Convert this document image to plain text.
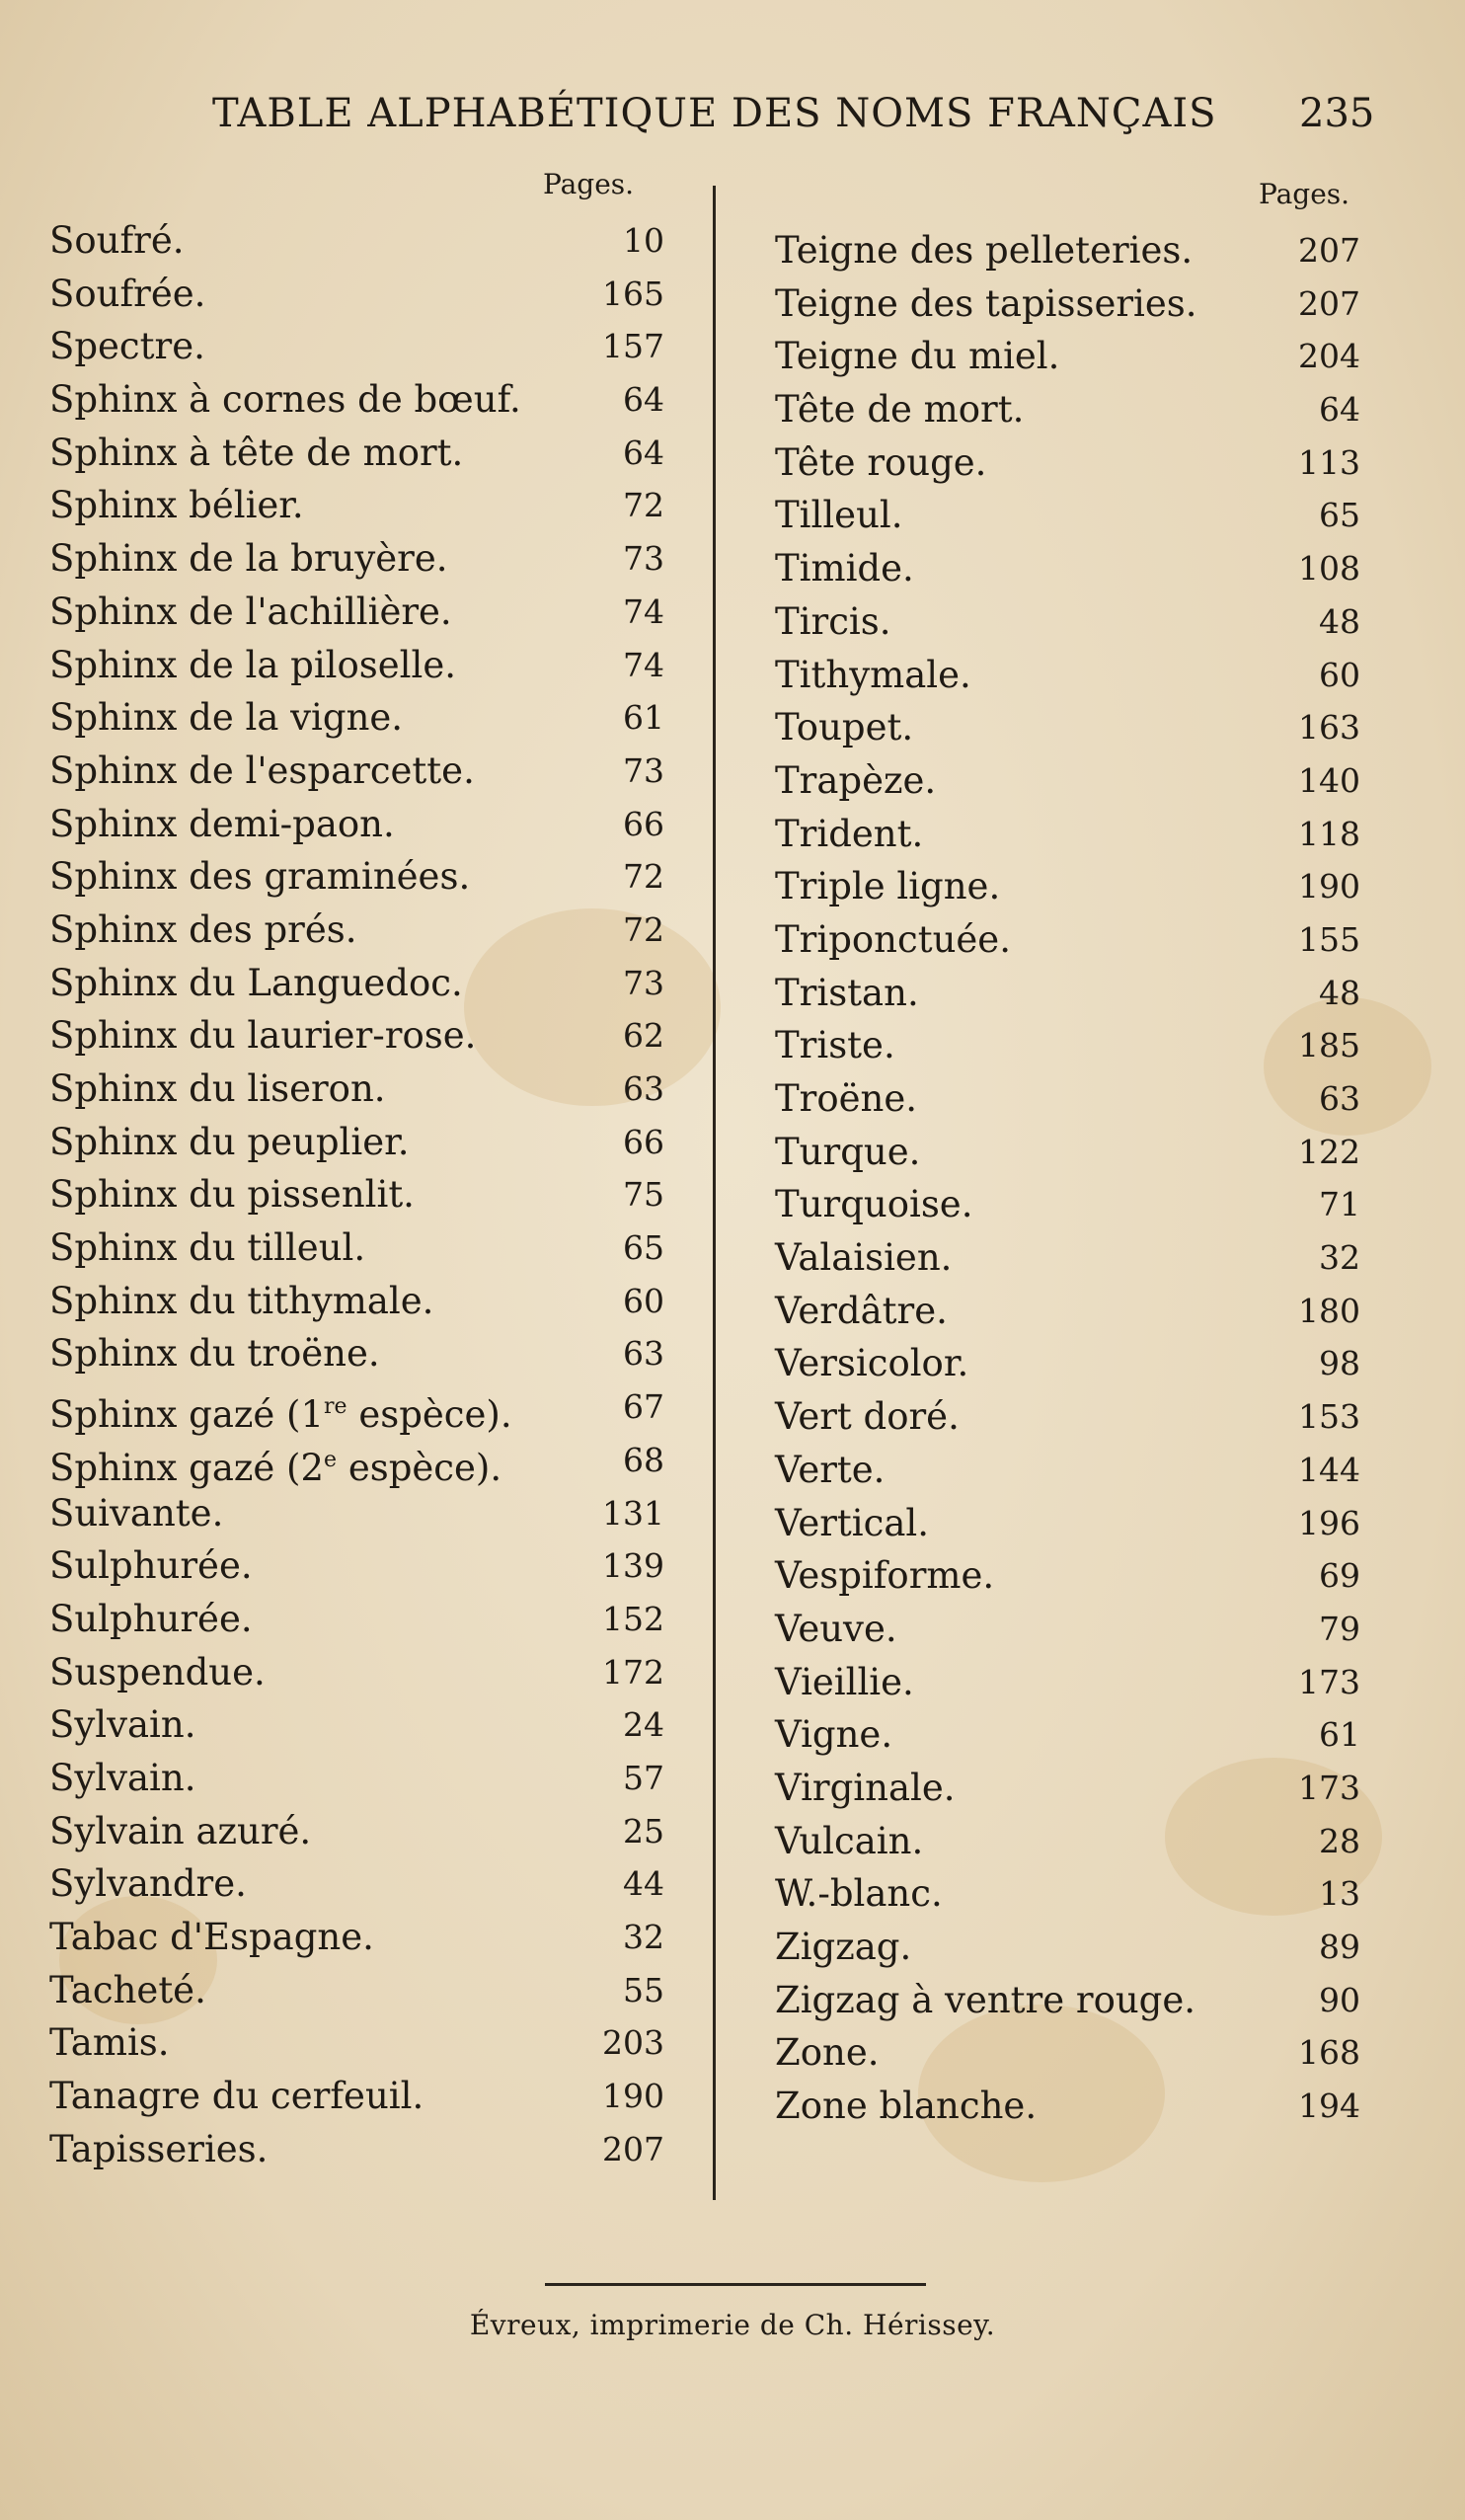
TABLE ALPHABÉTIQUE DES NOMS FRANÇAIS 235
Pages.
Soufré.	10
Soufrée.	165
Spectre.	157
Sphinx à cornes de bœuf.	64
Sphinx à tête de mort.	64
Sphinx bélier.	72
Sphinx de la bruyère.	73
Sphinx de l'achillière.	74
Sphinx de la piloselle.	74
Sphinx de la vigne.	61
Sphinx de l'esparcette.	73
Sphinx demi-paon.	66
Sphinx des graminées.	72
Sphinx des prés.	72
Sphinx du Languedoc.	73
Sphinx du laurier-rose.	62
Sphinx du liseron.	63
Sphinx du peuplier.	66
Sphinx du pissenlit.	75
Sphinx du tilleul.	65
Sphinx du tithymale.	60
Sphinx du troëne.	63
Sphinx gazé (1re espèce).	67
Sphinx gazé (2e espèce).	68
Suivante.	131
Sulphurée.	139
Sulphurée.	152
Suspendue.	172
Sylvain.	24
Sylvain.	57
Sylvain azuré.	25
Sylvandre.	44
Tabac d'Espagne.	32
Tacheté.	55
Tamis.	203
Tanagre du cerfeuil.	190
Tapisseries.	207
Pages.
Teigne des pelleteries.	207
Teigne des tapisseries.	207
Teigne du miel.	204
Tête de mort.	64
Tête rouge.	113
Tilleul.	65
Timide.	108
Tircis.	48
Tithymale.	60
Toupet.	163
Trapèze.	140
Trident.	118
Triple ligne.	190
Triponctuée.	155
Tristan.	48
Triste.	185
Troëne.	63
Turque.	122
Turquoise.	71
Valaisien.	32
Verdâtre.	180
Versicolor.	98
Vert doré.	153
Verte.	144
Vertical.	196
Vespiforme.	69
Veuve.	79
Vieillie.	173
Vigne.	61
Virginale.	173
Vulcain.	28
W.-blanc.	13
Zigzag.	89
Zigzag à ventre rouge.	90
Zone.	168
Zone blanche.	194
Évreux, imprimerie de Ch. Hérissey.
